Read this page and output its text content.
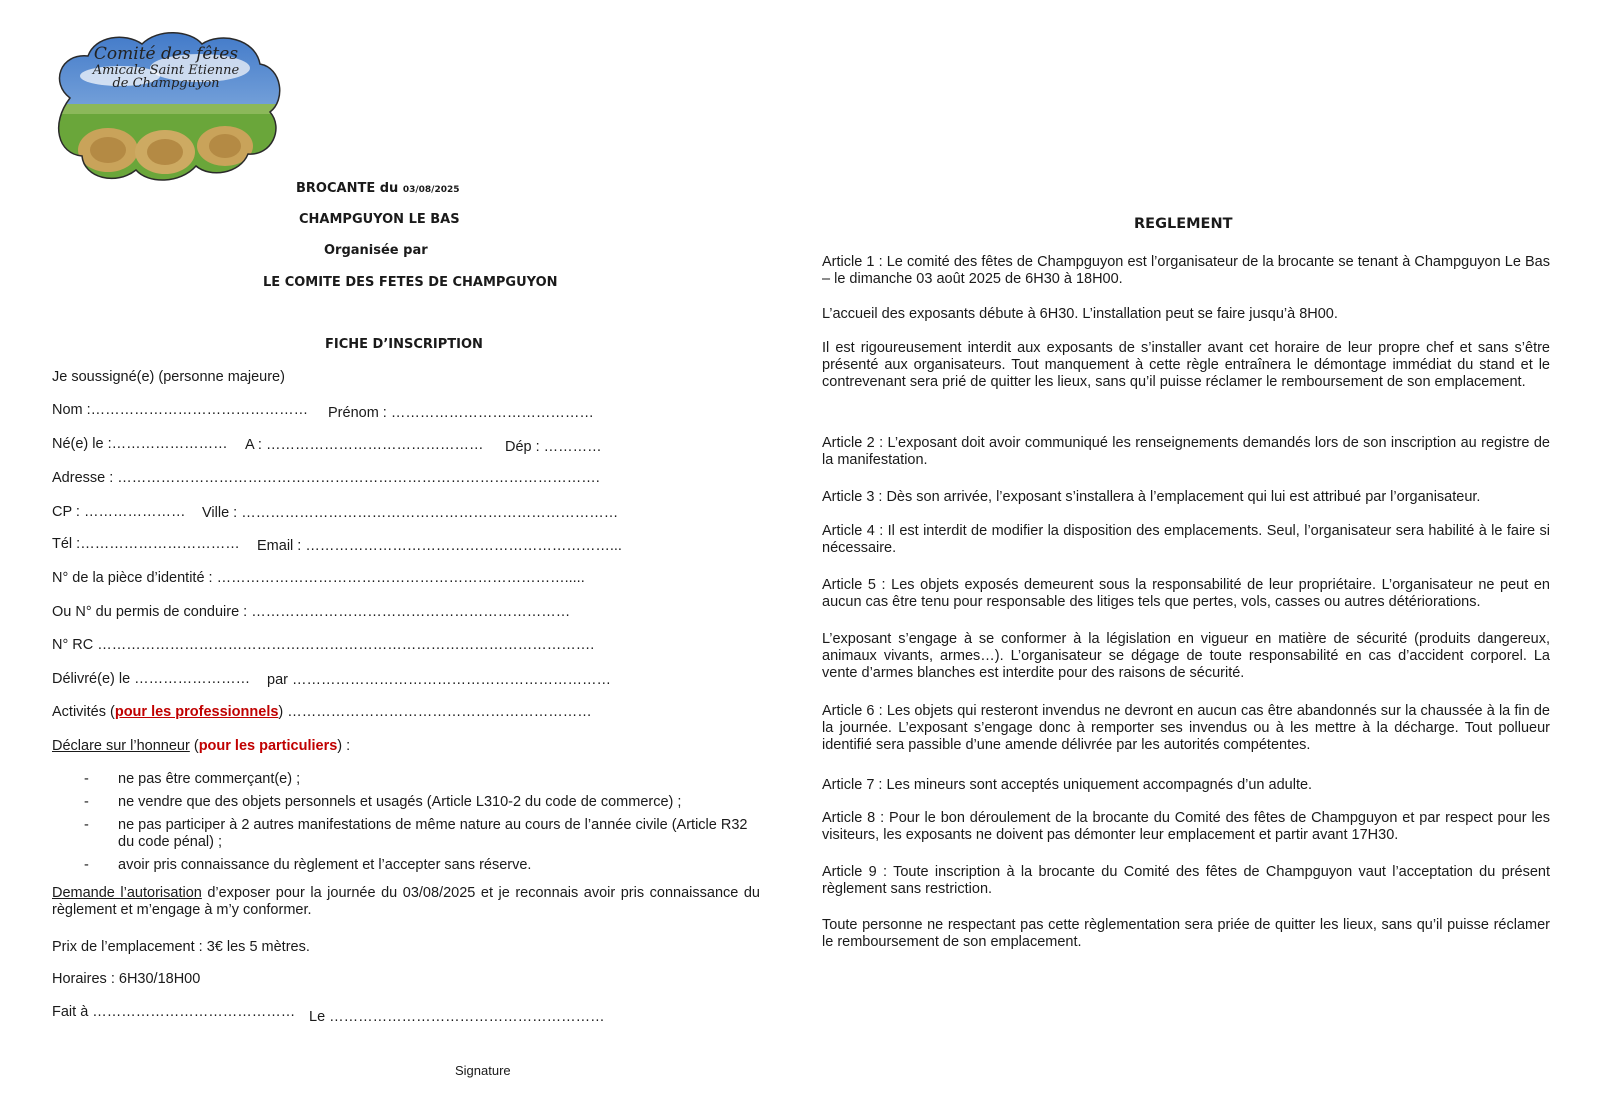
Comité des fêtes
Amicale Saint Etienne
de Champguyon
BROCANTE du 03/08/2025
CHAMPGUYON LE BAS
Organisée par
LE COMITE DES FETES DE CHAMPGUYON
FICHE D’INSCRIPTION
Je soussigné(e) (personne majeure)
Nom :……………………………………… Prénom : ……………………………………
Né(e) le :…………………… A : ……………………………………… Dép : …………
Adresse : ……………………………………………………………………………………….
CP : ………………… Ville : ……………………………………………………………………
Tél :…………………………… Email : ………………………………………………………...
N° de la pièce d’identité : ……………………………………………………………….....
Ou N° du permis de conduire : …………………………………………………………
N° RC ………………………………………………………………………………………….
Délivré(e) le …………………… par …………………………………………………………
Activités (pour les professionnels) ………………………………………………………
Déclare sur l’honneur (pour les particuliers) :
- ne pas être commerçant(e) ;
- ne vendre que des objets personnels et usagés (Article L310-2 du code de commerce) ;
- ne pas participer à 2 autres manifestations de même nature au cours de l’année civile (Article R32 du code pénal) ;
- avoir pris connaissance du règlement et l’accepter sans réserve.
Demande l’autorisation d’exposer pour la journée du 03/08/2025 et je reconnais avoir pris connaissance du règlement et m’engage à m’y conformer.
Prix de l’emplacement : 3€ les 5 mètres.
Horaires : 6H30/18H00
Fait à …………………………………… Le …………………………………………………
Signature
REGLEMENT
Article 1 : Le comité des fêtes de Champguyon est l’organisateur de la brocante se tenant à Champguyon Le Bas – le dimanche 03 août 2025 de 6H30 à 18H00.
L’accueil des exposants débute à 6H30. L’installation peut se faire jusqu’à 8H00.
Il est rigoureusement interdit aux exposants de s’installer avant cet horaire de leur propre chef et sans s’être présenté aux organisateurs. Tout manquement à cette règle entraînera le démontage immédiat du stand et le contrevenant sera prié de quitter les lieux, sans qu’il puisse réclamer le remboursement de son emplacement.
Article 2 : L’exposant doit avoir communiqué les renseignements demandés lors de son inscription au registre de la manifestation.
Article 3 : Dès son arrivée, l’exposant s’installera à l’emplacement qui lui est attribué par l’organisateur.
Article 4 : Il est interdit de modifier la disposition des emplacements. Seul, l’organisateur sera habilité à le faire si nécessaire.
Article 5 : Les objets exposés demeurent sous la responsabilité de leur propriétaire. L’organisateur ne peut en aucun cas être tenu pour responsable des litiges tels que pertes, vols, casses ou autres détériorations.
L’exposant s’engage à se conformer à la législation en vigueur en matière de sécurité (produits dangereux, animaux vivants, armes…). L’organisateur se dégage de toute responsabilité en cas d’accident corporel. La vente d’armes blanches est interdite pour des raisons de sécurité.
Article 6 : Les objets qui resteront invendus ne devront en aucun cas être abandonnés sur la chaussée à la fin de la journée. L’exposant s’engage donc à remporter ses invendus ou à les mettre à la décharge. Tout pollueur identifié sera passible d’une amende délivrée par les autorités compétentes.
Article 7 : Les mineurs sont acceptés uniquement accompagnés d’un adulte.
Article 8 : Pour le bon déroulement de la brocante du Comité des fêtes de Champguyon et par respect pour les visiteurs, les exposants ne doivent pas démonter leur emplacement et partir avant 17H30.
Article 9 : Toute inscription à la brocante du Comité des fêtes de Champguyon vaut l’acceptation du présent règlement sans restriction.
Toute personne ne respectant pas cette règlementation sera priée de quitter les lieux, sans qu’il puisse réclamer le remboursement de son emplacement.
